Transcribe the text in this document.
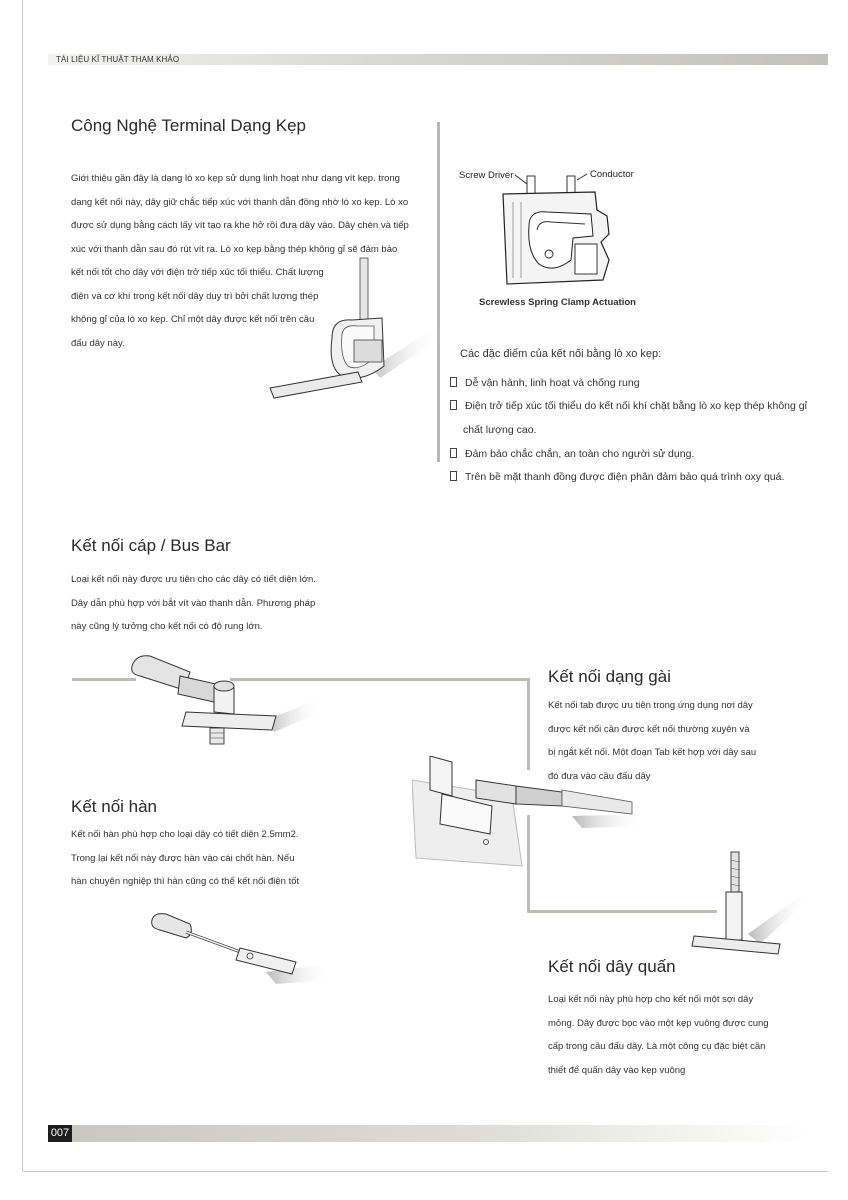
TÀI LIỆU KĨ THUẬT THAM KHẢO
Công Nghệ Terminal Dạng Kẹp
Giới thiệu gần đây là dạng lò xo kẹp sử dụng linh hoạt như dạng vít kẹp. trong
dạng kết nối này, dây giữ chắc tiếp xúc với thanh dẫn đồng nhờ lò xo kẹp. Lò xo
được sử dụng bằng cách lấy vít tạo ra khe hở rồi đưa dây vào. Dây chèn và tiếp
xúc với thanh dẫn sau đó rút vít ra. Lò xo kẹp bằng thép không gỉ sẽ đảm bảo
kết nối tốt cho dây với điện trở tiếp xúc tối thiểu. Chất lượng
điện và cơ khí trong kết nối dây duy trì bởi chất lượng thép
không gỉ của lò xo kẹp. Chỉ một dây được kết nối trên cầu
đấu dây này.
Screw Driver	Conductor
Screwless Spring Clamp Actuation
Các đặc điểm của kết nối bằng lò xo kẹp:
Dễ vận hành, linh hoạt và chống rung
Điện trở tiếp xúc tối thiểu do kết nối khí chặt bằng lò xo kẹp thép không gỉ
chất lượng cao.
Đảm bảo chắc chắn, an toàn cho người sử dụng.
Trên bề mặt thanh đồng được điện phân đảm bảo quá trình oxy quá.
Kết nối cáp / Bus Bar
Loại kết nối này được ưu tiên cho các dây có tiết diện lớn.
Dây dẫn phù hợp với bắt vít vào thanh dẫn. Phương pháp
này cũng lý tưởng cho kết nối có độ rung lớn.
Kết nối dạng gài
Kết nối tab được ưu tiên trong ứng dụng nơi dây
được kết nối cần được kết nối thường xuyên và
bị ngắt kết nối. Một đoạn Tab kết hợp với dây sau
đó đưa vào cầu đấu dây
Kết nối hàn
Kết nối hàn phù hợp cho loại dây có tiết diện 2.5mm2.
Trong lại kết nối này được hàn vào cái chốt hàn. Nếu
hàn chuyên nghiệp thì hàn cũng có thể kết nối điện tốt
Kết nối dây quấn
Loại kết nối này phù hợp cho kết nối một sợi dây
mỏng. Dây được bọc vào một kẹp vuông được cung
cấp trong cầu đấu dây. Là một công cụ đặc biệt cần
thiết để quấn dây vào kẹp vuông
007
